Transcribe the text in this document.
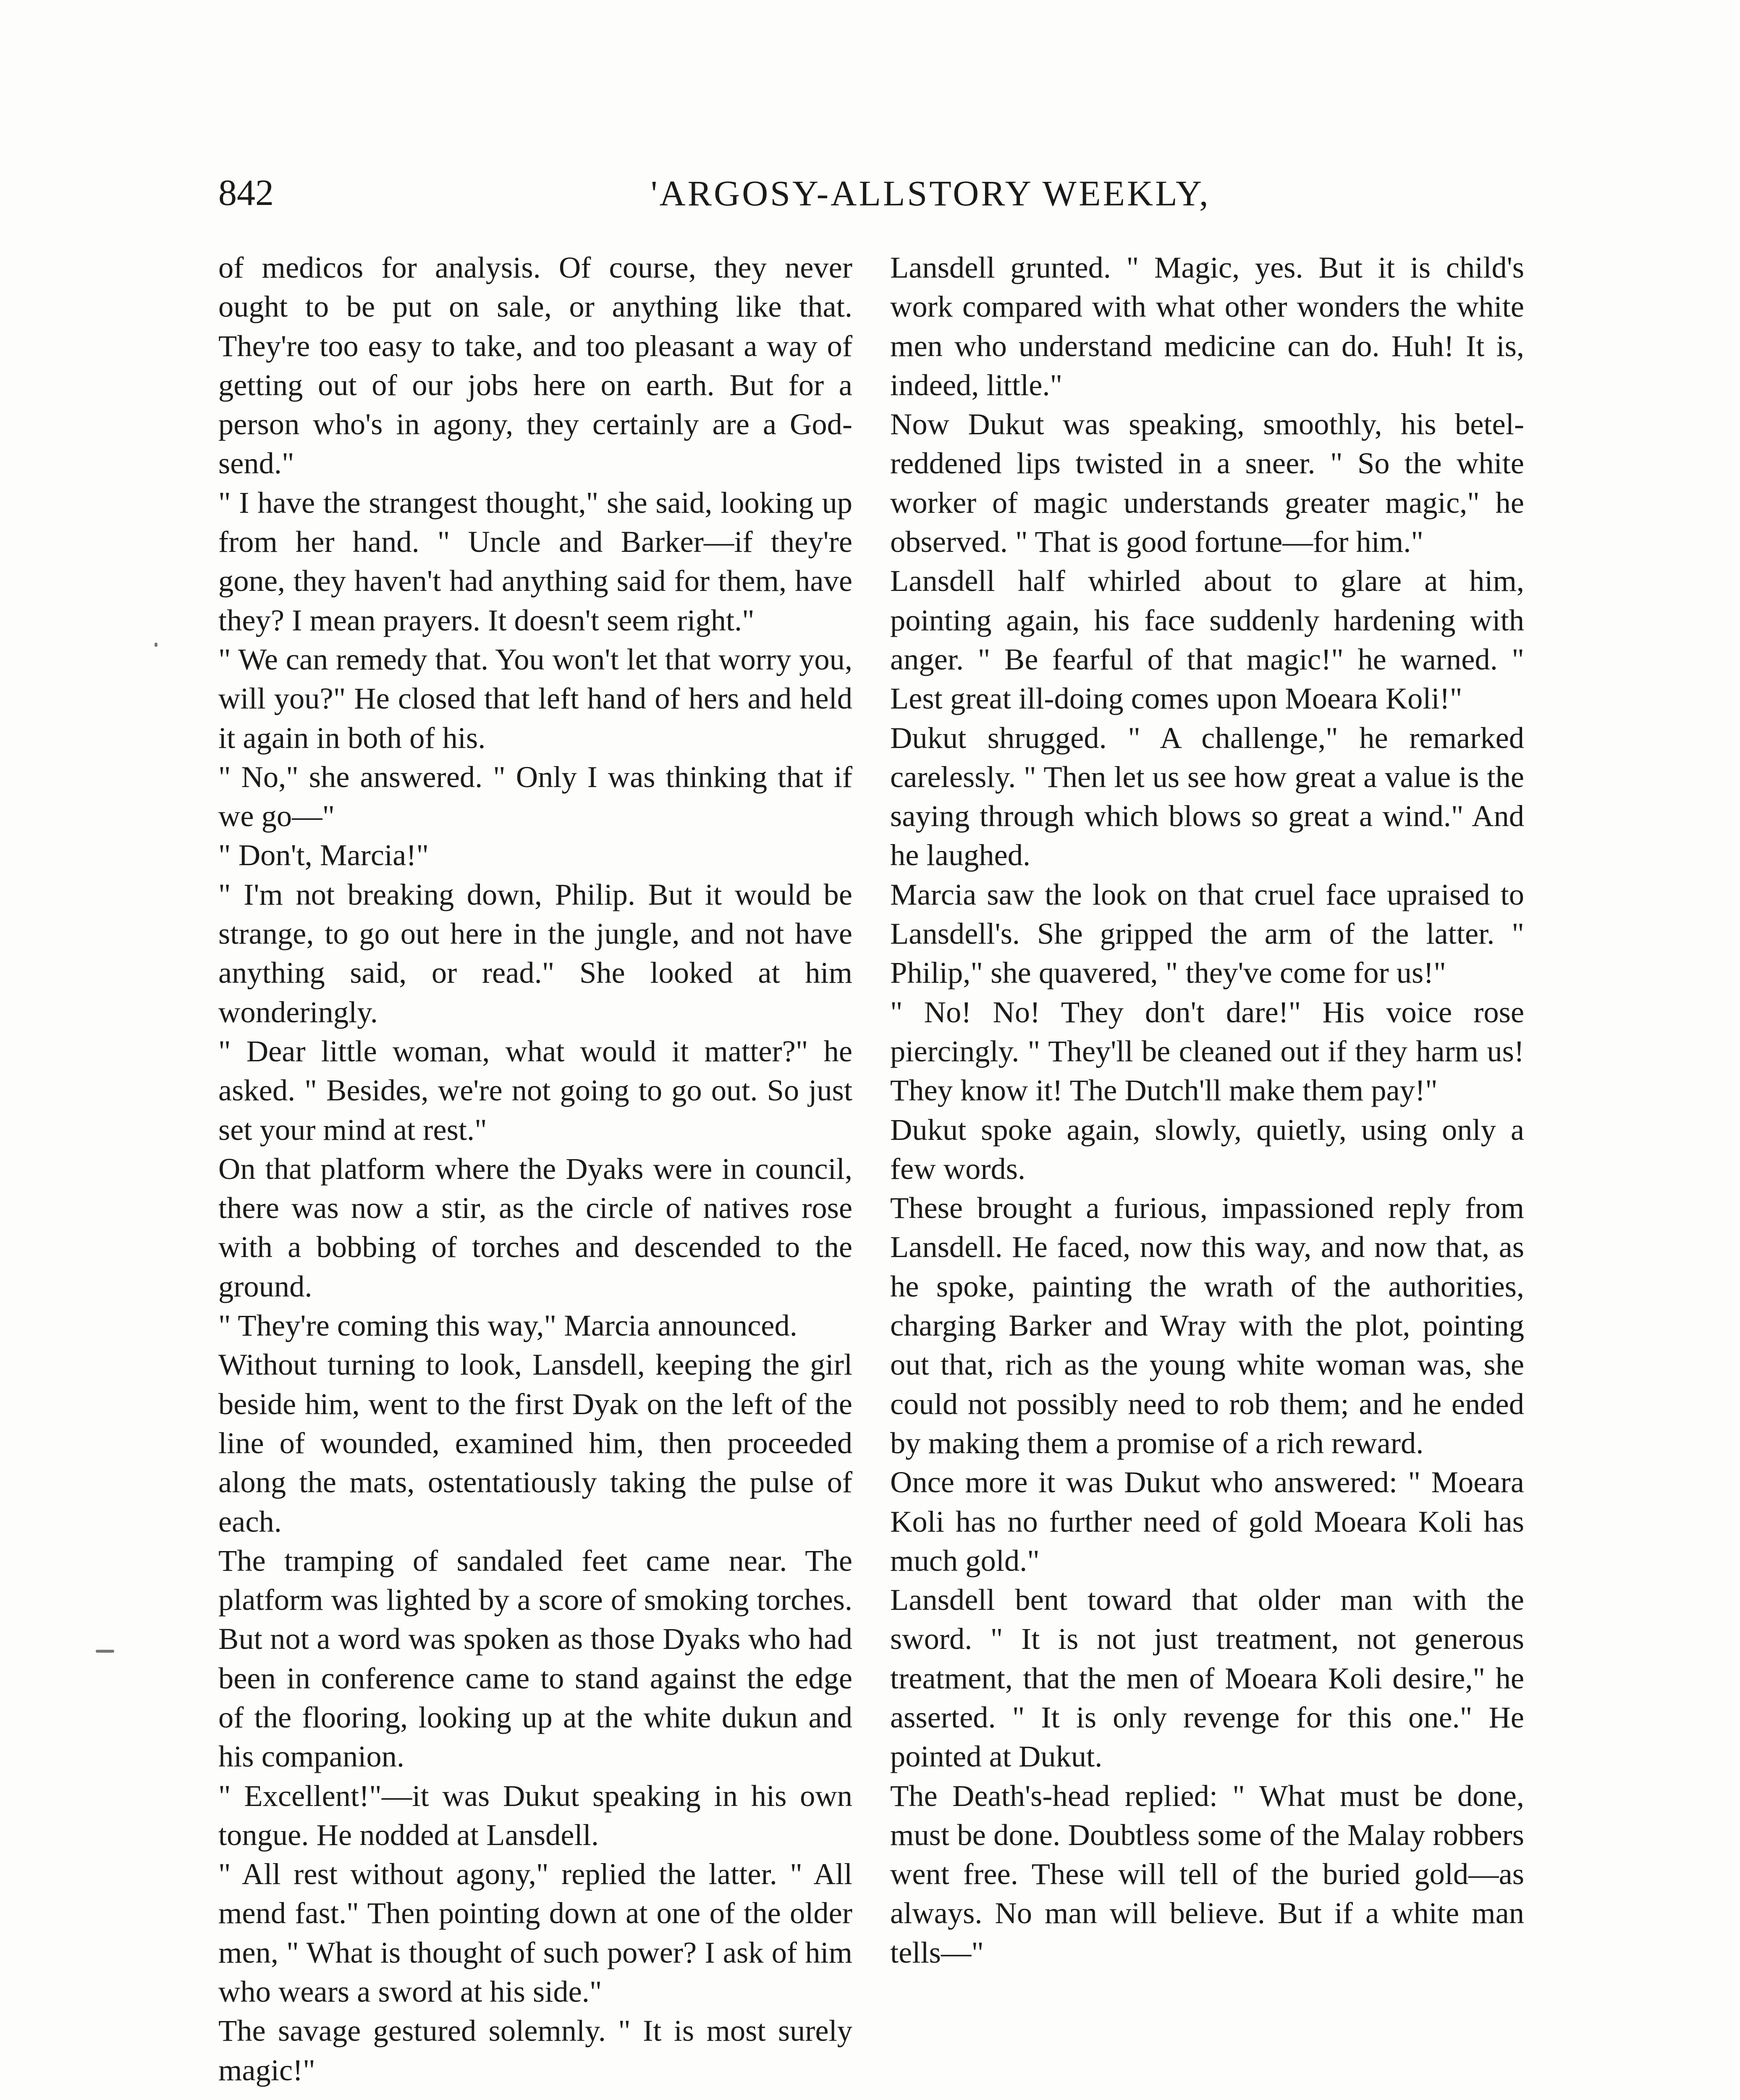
842	'ARGOSY-ALLSTORY WEEKLY,

of medicos for analysis. Of course, they never ought to be put on sale, or anything like that. They're too easy to take, and too pleasant a way of getting out of our jobs here on earth. But for a person who's in agony, they certainly are a God-send."

" I have the strangest thought," she said, looking up from her hand. " Uncle and Barker—if they're gone, they haven't had anything said for them, have they? I mean prayers. It doesn't seem right."

" We can remedy that. You won't let that worry you, will you?" He closed that left hand of hers and held it again in both of his.

" No," she answered. " Only I was thinking that if we go—"

" Don't, Marcia!"

" I'm not breaking down, Philip. But it would be strange, to go out here in the jungle, and not have anything said, or read." She looked at him wonderingly.

" Dear little woman, what would it matter?" he asked. " Besides, we're not going to go out. So just set your mind at rest."

On that platform where the Dyaks were in council, there was now a stir, as the circle of natives rose with a bobbing of torches and descended to the ground.

" They're coming this way," Marcia announced.

Without turning to look, Lansdell, keeping the girl beside him, went to the first Dyak on the left of the line of wounded, examined him, then proceeded along the mats, ostentatiously taking the pulse of each.

The tramping of sandaled feet came near. The platform was lighted by a score of smoking torches. But not a word was spoken as those Dyaks who had been in conference came to stand against the edge of the flooring, looking up at the white dukun and his companion.

" Excellent!"—it was Dukut speaking in his own tongue. He nodded at Lansdell.

" All rest without agony," replied the latter. " All mend fast." Then pointing down at one of the older men, " What is thought of such power? I ask of him who wears a sword at his side."

The savage gestured solemnly. " It is most surely magic!"

Lansdell grunted. " Magic, yes. But it is child's work compared with what other wonders the white men who understand medicine can do. Huh! It is, indeed, little."

Now Dukut was speaking, smoothly, his betel-reddened lips twisted in a sneer. " So the white worker of magic understands greater magic," he observed. " That is good fortune—for him."

Lansdell half whirled about to glare at him, pointing again, his face suddenly hardening with anger. " Be fearful of that magic!" he warned. " Lest great ill-doing comes upon Moeara Koli!"

Dukut shrugged. " A challenge," he remarked carelessly. " Then let us see how great a value is the saying through which blows so great a wind." And he laughed.

Marcia saw the look on that cruel face upraised to Lansdell's. She gripped the arm of the latter. " Philip," she quavered, " they've come for us!"

" No! No! They don't dare!" His voice rose piercingly. " They'll be cleaned out if they harm us! They know it! The Dutch'll make them pay!"

Dukut spoke again, slowly, quietly, using only a few words.

These brought a furious, impassioned reply from Lansdell. He faced, now this way, and now that, as he spoke, painting the wrath of the authorities, charging Barker and Wray with the plot, pointing out that, rich as the young white woman was, she could not possibly need to rob them; and he ended by making them a promise of a rich reward.

Once more it was Dukut who answered: " Moeara Koli has no further need of gold Moeara Koli has much gold."

Lansdell bent toward that older man with the sword. " It is not just treatment, not generous treatment, that the men of Moeara Koli desire," he asserted. " It is only revenge for this one." He pointed at Dukut.

The Death's-head replied: " What must be done, must be done. Doubtless some of the Malay robbers went free. These will tell of the buried gold—as always. No man will believe. But if a white man tells—"
